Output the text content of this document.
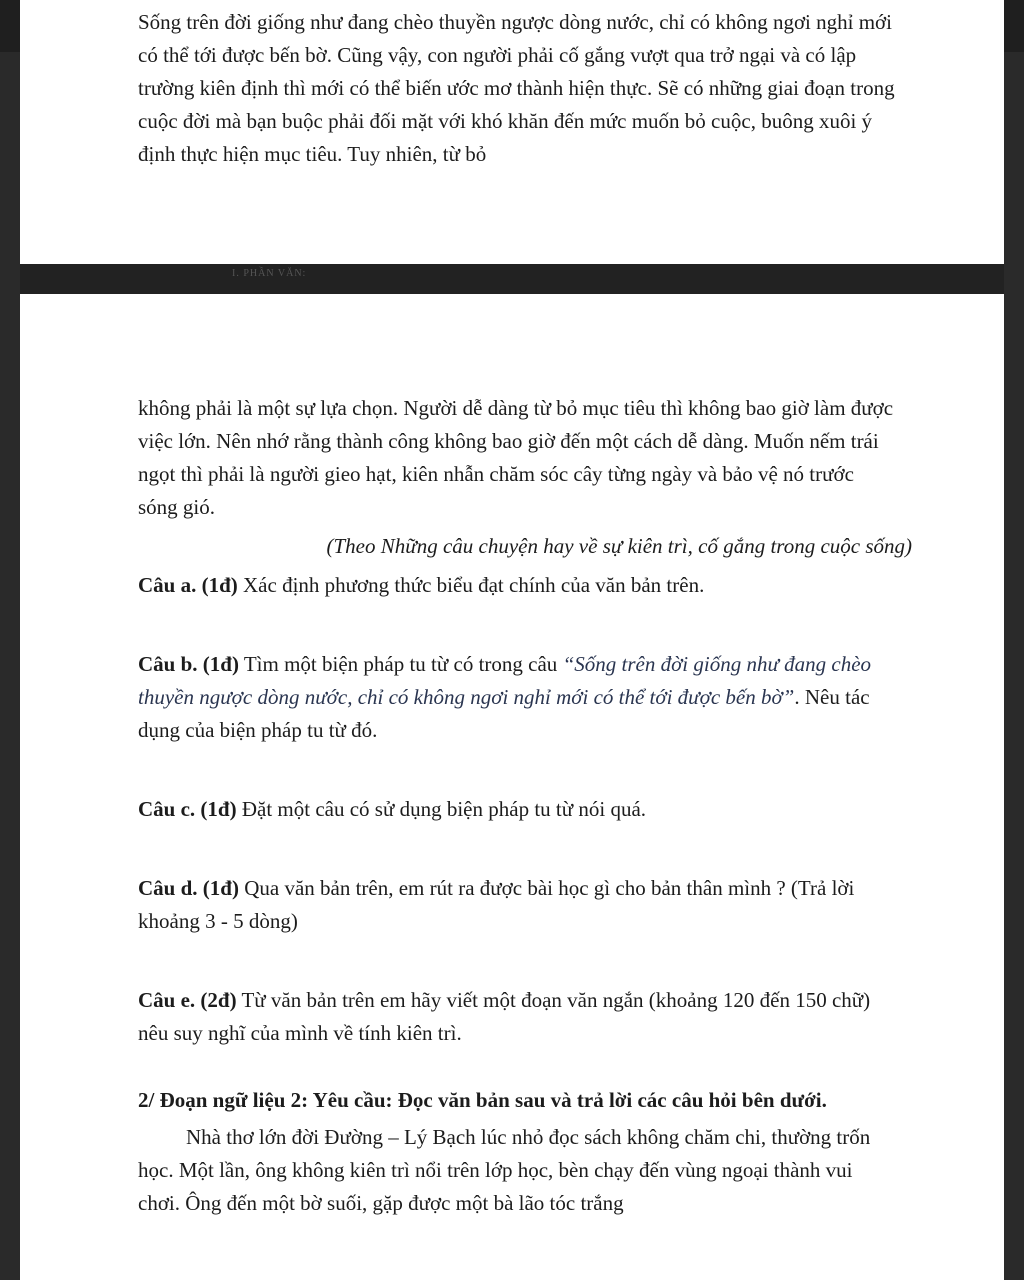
Sống trên đời giống như đang chèo thuyền ngược dòng nước, chỉ có không ngơi nghỉ mới có thể tới được bến bờ. Cũng vậy, con người phải cố gắng vượt qua trở ngại và có lập trường kiên định thì mới có thể biến ước mơ thành hiện thực. Sẽ có những giai đoạn trong cuộc đời mà bạn buộc phải đối mặt với khó khăn đến mức muốn bỏ cuộc, buông xuôi ý định thực hiện mục tiêu. Tuy nhiên, từ bỏ

I. PHẦN VĂN:

không phải là một sự lựa chọn. Người dễ dàng từ bỏ mục tiêu thì không bao giờ làm được việc lớn. Nên nhớ rằng thành công không bao giờ đến một cách dễ dàng. Muốn nếm trái ngọt thì phải là người gieo hạt, kiên nhẫn chăm sóc cây từng ngày và bảo vệ nó trước sóng gió.

(Theo Những câu chuyện hay về sự kiên trì, cố gắng trong cuộc sống)

Câu a. (1đ) Xác định phương thức biểu đạt chính của văn bản trên.

Câu b. (1đ) Tìm một biện pháp tu từ có trong câu “Sống trên đời giống như đang chèo thuyền ngược dòng nước, chỉ có không ngơi nghỉ mới có thể tới được bến bờ”. Nêu tác dụng của biện pháp tu từ đó.

Câu c. (1đ) Đặt một câu có sử dụng biện pháp tu từ nói quá.

Câu d. (1đ) Qua văn bản trên, em rút ra được bài học gì cho bản thân mình ? (Trả lời khoảng 3 - 5 dòng)

Câu e. (2đ) Từ văn bản trên em hãy viết một đoạn văn ngắn (khoảng 120 đến 150 chữ) nêu suy nghĩ của mình về tính kiên trì.

2/ Đoạn ngữ liệu 2: Yêu cầu: Đọc văn bản sau và trả lời các câu hỏi bên dưới.

Nhà thơ lớn đời Đường – Lý Bạch lúc nhỏ đọc sách không chăm chi, thường trốn học. Một lần, ông không kiên trì nổi trên lớp học, bèn chạy đến vùng ngoại thành vui chơi. Ông đến một bờ suối, gặp được một bà lão tóc trắng
